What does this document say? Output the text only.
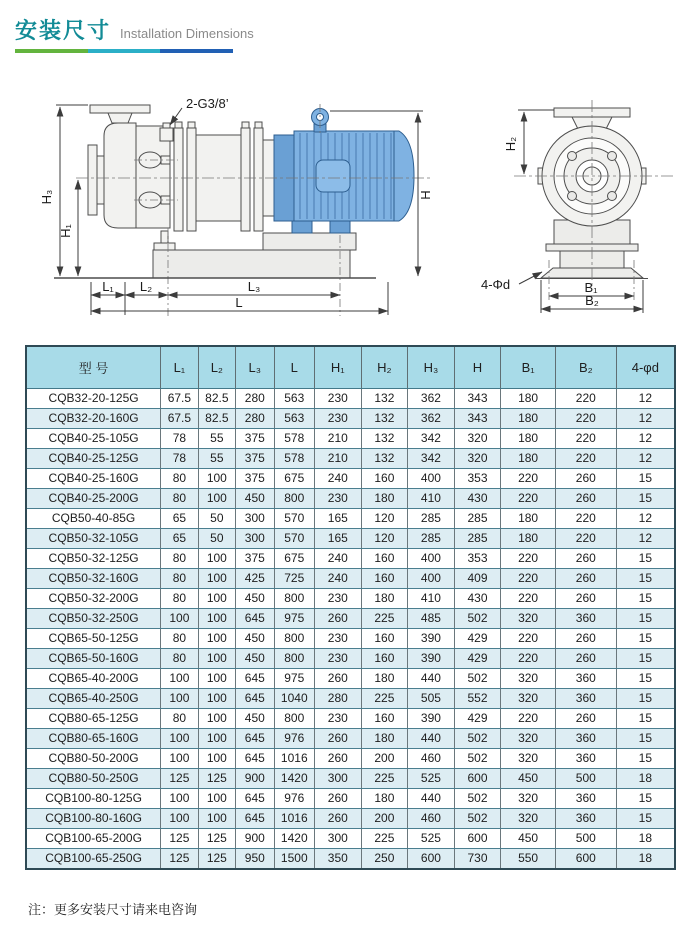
安装尺寸 Installation Dimensions
H₃
H₁
H
2-G3/8’
L₁ L₂	L₃
L
H₂
B₁
B₂
4-Φd
型 号	L₁	L₂	L₃	L	H₁	H₂	H₃	H	B₁	B₂	4-φd
CQB32-20-125G	67.5	82.5	280	563	230	132	362	343	180	220	12
CQB32-20-160G	67.5	82.5	280	563	230	132	362	343	180	220	12
CQB40-25-105G	78	55	375	578	210	132	342	320	180	220	12
CQB40-25-125G	78	55	375	578	210	132	342	320	180	220	12
CQB40-25-160G	80	100	375	675	240	160	400	353	220	260	15
CQB40-25-200G	80	100	450	800	230	180	410	430	220	260	15
CQB50-40-85G	65	50	300	570	165	120	285	285	180	220	12
CQB50-32-105G	65	50	300	570	165	120	285	285	180	220	12
CQB50-32-125G	80	100	375	675	240	160	400	353	220	260	15
CQB50-32-160G	80	100	425	725	240	160	400	409	220	260	15
CQB50-32-200G	80	100	450	800	230	180	410	430	220	260	15
CQB50-32-250G	100	100	645	975	260	225	485	502	320	360	15
CQB65-50-125G	80	100	450	800	230	160	390	429	220	260	15
CQB65-50-160G	80	100	450	800	230	160	390	429	220	260	15
CQB65-40-200G	100	100	645	975	260	180	440	502	320	360	15
CQB65-40-250G	100	100	645	1040	280	225	505	552	320	360	15
CQB80-65-125G	80	100	450	800	230	160	390	429	220	260	15
CQB80-65-160G	100	100	645	976	260	180	440	502	320	360	15
CQB80-50-200G	100	100	645	1016	260	200	460	502	320	360	15
CQB80-50-250G	125	125	900	1420	300	225	525	600	450	500	18
CQB100-80-125G	100	100	645	976	260	180	440	502	320	360	15
CQB100-80-160G	100	100	645	1016	260	200	460	502	320	360	15
CQB100-65-200G	125	125	900	1420	300	225	525	600	450	500	18
CQB100-65-250G	125	125	950	1500	350	250	600	730	550	600	18
注：更多安装尺寸请来电咨询
